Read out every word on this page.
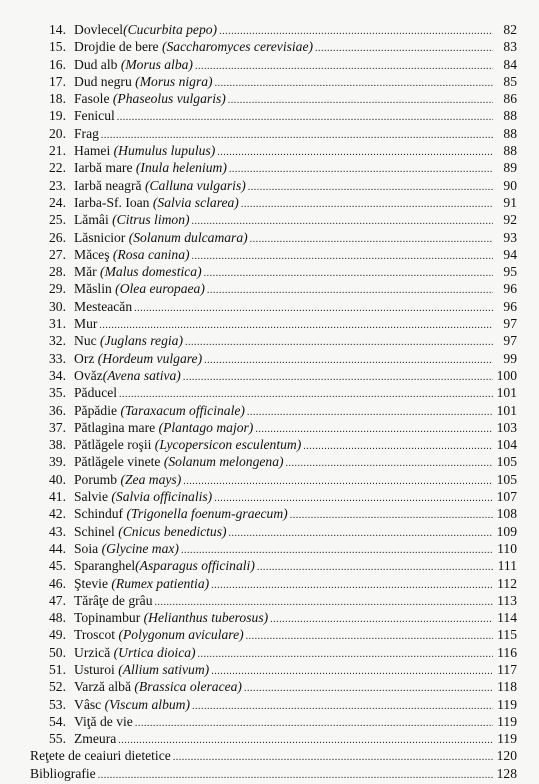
14. Dovlecel(Cucurbita pepo) .....	82
15. Drojdie de bere (Saccharomyces cerevisiae) .....	83
16. Dud alb (Morus alba) .....	84
17. Dud negru (Morus nigra) .....	85
18. Fasole (Phaseolus vulgaris) .....	86
19. Fenicul .....	88
20. Frag .....	88
21. Hamei (Humulus lupulus) .....	88
22. Iarbă mare (Inula helenium) .....	89
23. Iarbă neagră (Calluna vulgaris) .....	90
24. Iarba-Sf. Ioan (Salvia sclarea) .....	91
25. Lămâi (Citrus limon) .....	92
26. Lăsnicior (Solanum dulcamara) .....	93
27. Măceş (Rosa canina) .....	94
28. Măr (Malus domestica) .....	95
29. Măslin (Olea europaea) .....	96
30. Mesteacăn .....	96
31. Mur .....	97
32. Nuc (Juglans regia) .....	97
33. Orz (Hordeum vulgare) .....	99
34. Ovăz(Avena sativa) .....	100
35. Păducel .....	101
36. Păpădie (Taraxacum officinale) .....	101
37. Pătlagina mare (Plantago major) .....	103
38. Pătlăgele roşii (Lycopersicon esculentum) .....	104
39. Pătlăgele vinete (Solanum melongena) .....	105
40. Porumb (Zea mays) .....	105
41. Salvie (Salvia officinalis) .....	107
42. Schinduf (Trigonella foenum-graecum) .....	108
43. Schinel (Cnicus benedictus) .....	109
44. Soia (Glycine max) .....	110
45. Sparanghel(Asparagus officinali) .....	111
46. Ştevie (Rumex patientia) .....	112
47. Tărâţe de grâu .....	113
48. Topinambur (Helianthus tuberosus) .....	114
49. Troscot (Polygonum aviculare) .....	115
50. Urzică (Urtica dioica) .....	116
51. Usturoi (Allium sativum) .....	117
52. Varză albă (Brassica oleracea) .....	118
53. Vâsc (Viscum album) .....	119
54. Viţă de vie .....	119
55. Zmeura .....	119
Reţete de ceaiuri dietetice .....	120
Bibliografie .....	128
